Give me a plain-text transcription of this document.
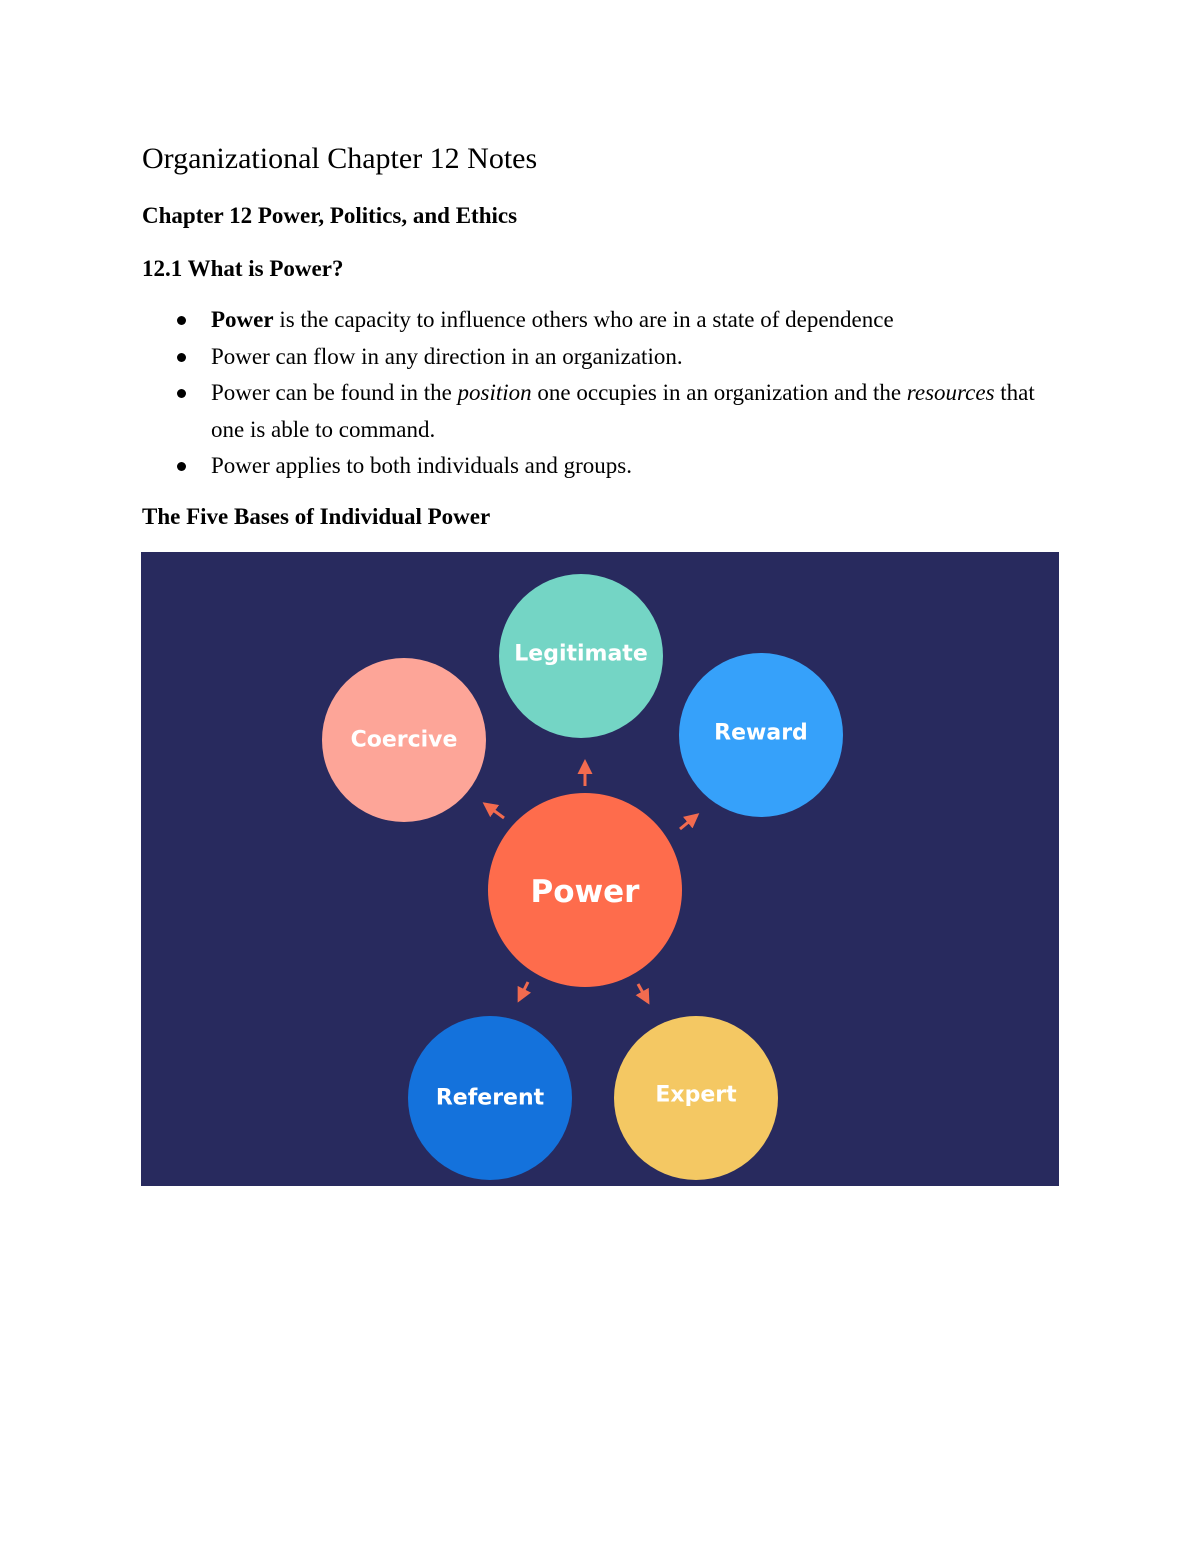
Organizational Chapter 12 Notes
Chapter 12 Power, Politics, and Ethics
12.1 What is Power?
Power is the capacity to influence others who are in a state of dependence
Power can flow in any direction in an organization.
Power can be found in the position one occupies in an organization and the resources that one is able to command.
Power applies to both individuals and groups.
The Five Bases of Individual Power
Legitimate
Reward
Coercive
Referent	Expert
Power
